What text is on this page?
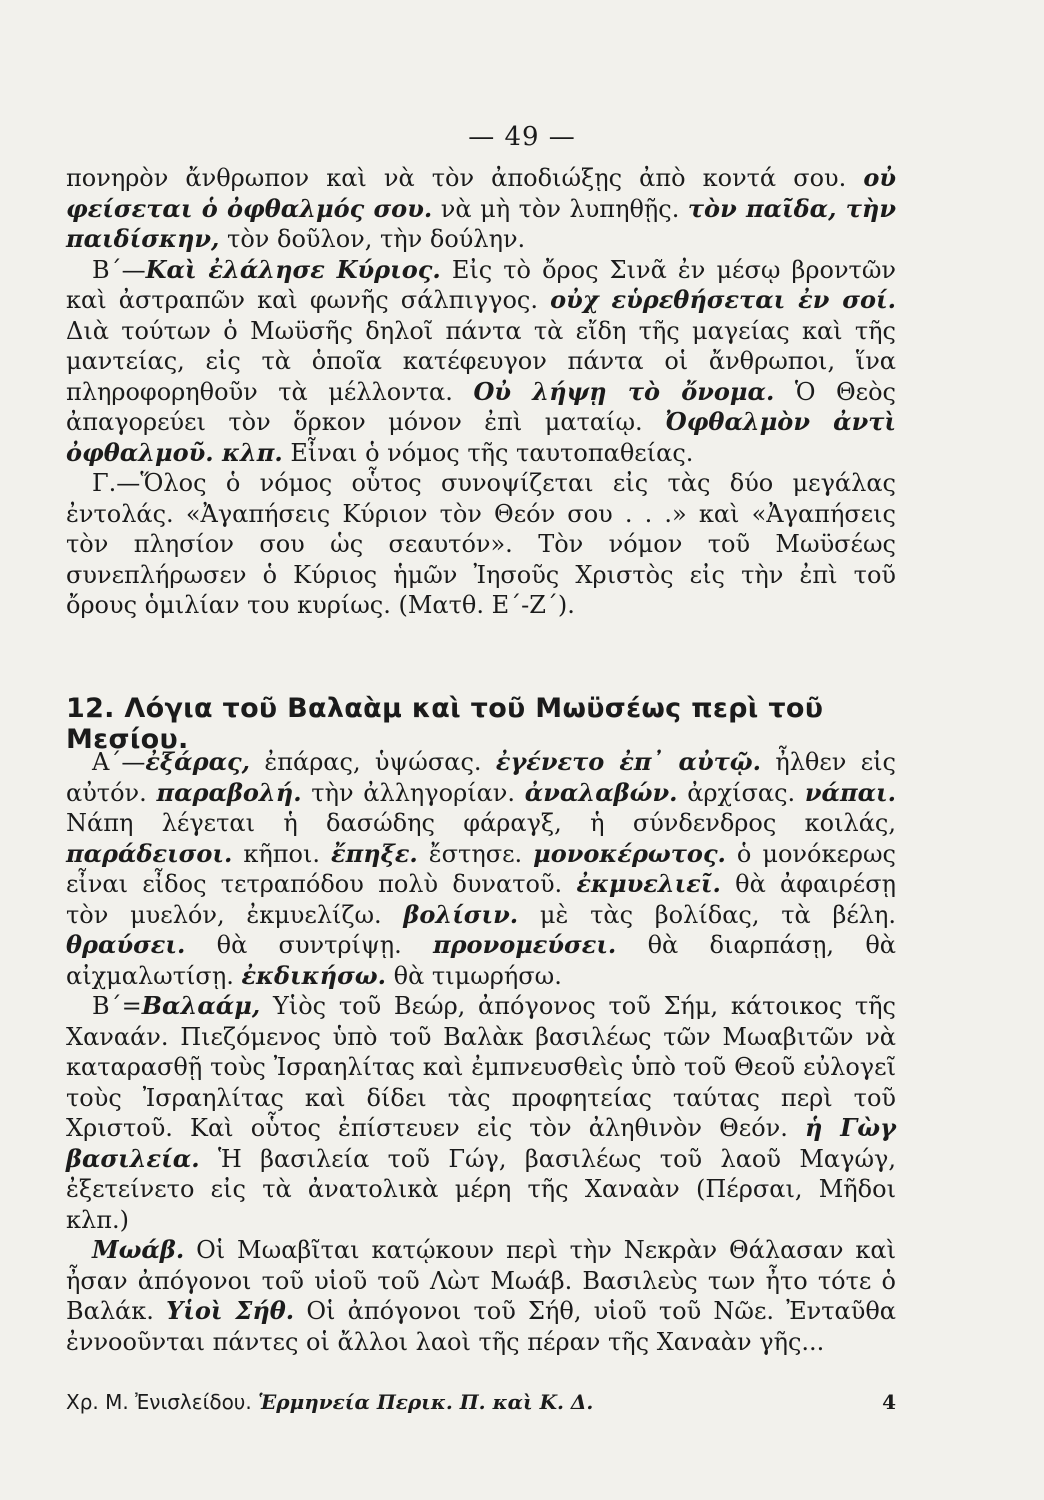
— 49 —

πονηρὸν ἄνθρωπον καὶ νὰ τὸν ἀποδιώξῃς ἀπὸ κοντά σου. οὐ φείσεται ὁ ὀφθαλμός σου. νὰ μὴ τὸν λυπηθῇς. τὸν παῖδα, τὴν παιδίσκην, τὸν δοῦλον, τὴν δούλην.

Β΄—Καὶ ἐλάλησε Κύριος. Εἰς τὸ ὄρος Σινᾶ ἐν μέσῳ βροντῶν καὶ ἀστραπῶν καὶ φωνῆς σάλπιγγος. οὐχ εὑρεθήσεται ἐν σοί. Διὰ τούτων ὁ Μωϋσῆς δηλοῖ πάντα τὰ εἴδη τῆς μαγείας καὶ τῆς μαντείας, εἰς τὰ ὁποῖα κατέφευγον πάντα οἱ ἄνθρωποι, ἵνα πληροφορηθοῦν τὰ μέλλοντα. Οὐ λήψῃ τὸ ὄνομα. Ὁ Θεὸς ἀπαγορεύει τὸν ὅρκον μόνον ἐπὶ ματαίῳ. Ὀφθαλμὸν ἀντὶ ὀφθαλμοῦ. κλπ. Εἶναι ὁ νόμος τῆς ταυτοπαθείας.

Γ.—Ὅλος ὁ νόμος οὗτος συνοψίζεται εἰς τὰς δύο μεγάλας ἐντολάς. «Ἀγαπήσεις Κύριον τὸν Θεόν σου . . .» καὶ «Ἀγαπήσεις τὸν πλησίον σου ὡς σεαυτόν». Τὸν νόμον τοῦ Μωϋσέως συνεπλήρωσεν ὁ Κύριος ἡμῶν Ἰησοῦς Χριστὸς εἰς τὴν ἐπὶ τοῦ ὄρους ὁμιλίαν του κυρίως. (Ματθ. Ε΄-Ζ΄).

12. Λόγια τοῦ Βαλαὰμ καὶ τοῦ Μωϋσέως περὶ τοῦ Μεσίου.

Α΄—ἐξάρας, ἐπάρας, ὑψώσας. ἐγένετο ἐπ᾿ αὐτῷ. ἦλθεν εἰς αὐτόν. παραβολή. τὴν ἀλληγορίαν. ἀναλαβών. ἀρχίσας. νάπαι. Νάπη λέγεται ἡ δασώδης φάραγξ, ἡ σύνδενδρος κοιλάς, παράδεισοι. κῆποι. ἔπηξε. ἔστησε. μονοκέρωτος. ὁ μονόκερως εἶναι εἶδος τετραπόδου πολὺ δυνατοῦ. ἐκμυελιεῖ. θὰ ἀφαιρέσῃ τὸν μυελόν, ἐκμυελίζω. βολίσιν. μὲ τὰς βολίδας, τὰ βέλη. θραύσει. θὰ συντρίψῃ. προνομεύσει. θὰ διαρπάσῃ, θὰ αἰχμαλωτίσῃ. ἐκδικήσω. θὰ τιμωρήσω.

Β΄=Βαλαάμ, Υἱὸς τοῦ Βεώρ, ἀπόγονος τοῦ Σήμ, κάτοικος τῆς Χαναάν. Πιεζόμενος ὑπὸ τοῦ Βαλὰκ βασιλέως τῶν Μωαβιτῶν νὰ καταρασθῇ τοὺς Ἰσραηλίτας καὶ ἐμπνευσθεὶς ὑπὸ τοῦ Θεοῦ εὐλογεῖ τοὺς Ἰσραηλίτας καὶ δίδει τὰς προφητείας ταύτας περὶ τοῦ Χριστοῦ. Καὶ οὗτος ἐπίστευεν εἰς τὸν ἀληθινὸν Θεόν. ἡ Γὼγ βασιλεία. Ἡ βασιλεία τοῦ Γώγ, βασιλέως τοῦ λαοῦ Μαγώγ, ἐξετείνετο εἰς τὰ ἀνατολικὰ μέρη τῆς Χαναὰν (Πέρσαι, Μῆδοι κλπ.)

Μωάβ. Οἱ Μωαβῖται κατῴκουν περὶ τὴν Νεκρὰν Θάλασαν καὶ ἦσαν ἀπόγονοι τοῦ υἱοῦ τοῦ Λὼτ Μωάβ. Βασιλεὺς των ἦτο τότε ὁ Βαλάκ. Υἱοὶ Σήθ. Οἱ ἀπόγονοι τοῦ Σήθ, υἱοῦ τοῦ Νῶε. Ἐνταῦθα ἐννοοῦνται πάντες οἱ ἄλλοι λαοὶ τῆς πέραν τῆς Χαναὰν γῆς...

Χρ. Μ. Ἐνισλείδου. Ἑρμηνεία Περικ. Π. καὶ Κ. Δ.	4
